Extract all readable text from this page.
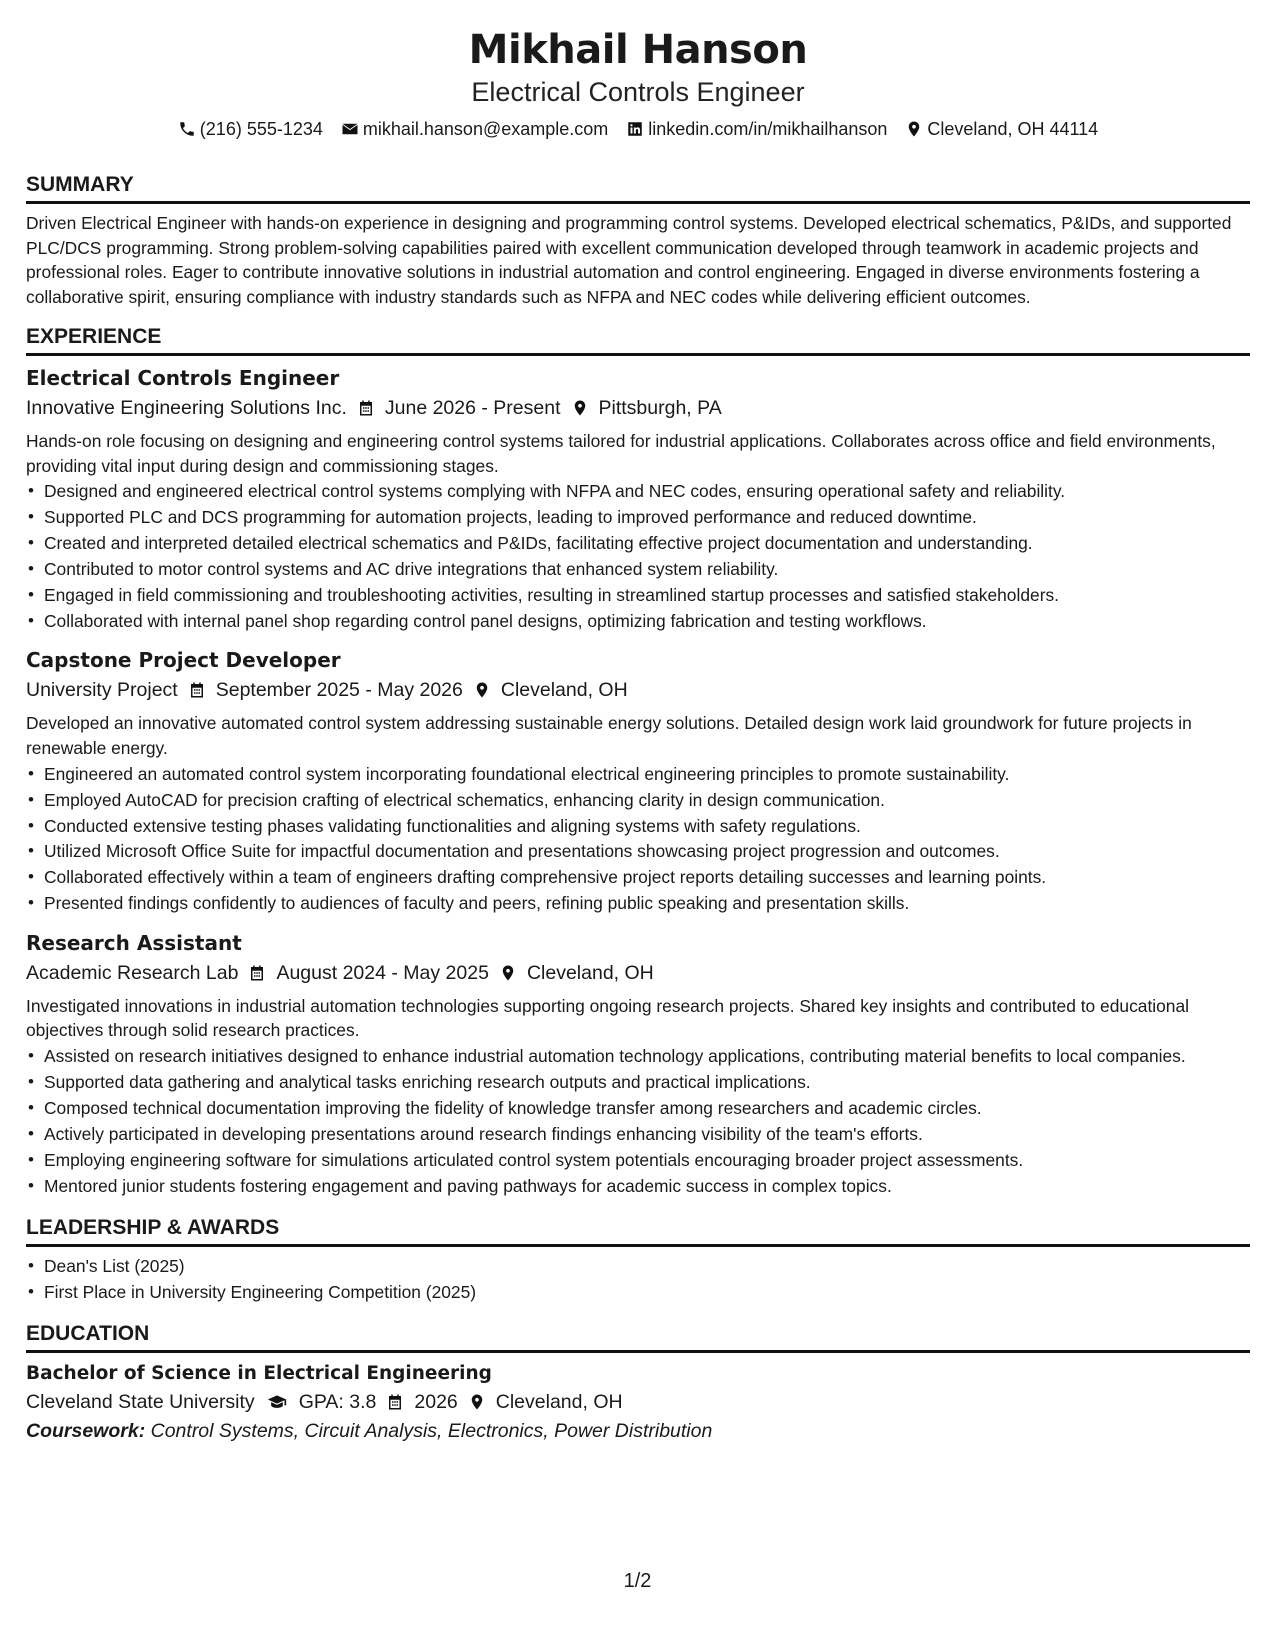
Mikhail Hanson
Electrical Controls Engineer
(216) 555-1234 mikhail.hanson@example.com linkedin.com/in/mikhailhanson Cleveland, OH 44114
SUMMARY
Driven Electrical Engineer with hands-on experience in designing and programming control systems. Developed electrical schematics, P&IDs, and supported PLC/DCS programming. Strong problem-solving capabilities paired with excellent communication developed through teamwork in academic projects and professional roles. Eager to contribute innovative solutions in industrial automation and control engineering. Engaged in diverse environments fostering a collaborative spirit, ensuring compliance with industry standards such as NFPA and NEC codes while delivering efficient outcomes.
EXPERIENCE
Electrical Controls Engineer
Innovative Engineering Solutions Inc. June 2026 - Present Pittsburgh, PA
Hands-on role focusing on designing and engineering control systems tailored for industrial applications. Collaborates across office and field environments, providing vital input during design and commissioning stages.
• Designed and engineered electrical control systems complying with NFPA and NEC codes, ensuring operational safety and reliability.
• Supported PLC and DCS programming for automation projects, leading to improved performance and reduced downtime.
• Created and interpreted detailed electrical schematics and P&IDs, facilitating effective project documentation and understanding.
• Contributed to motor control systems and AC drive integrations that enhanced system reliability.
• Engaged in field commissioning and troubleshooting activities, resulting in streamlined startup processes and satisfied stakeholders.
• Collaborated with internal panel shop regarding control panel designs, optimizing fabrication and testing workflows.
Capstone Project Developer
University Project September 2025 - May 2026 Cleveland, OH
Developed an innovative automated control system addressing sustainable energy solutions. Detailed design work laid groundwork for future projects in renewable energy.
• Engineered an automated control system incorporating foundational electrical engineering principles to promote sustainability.
• Employed AutoCAD for precision crafting of electrical schematics, enhancing clarity in design communication.
• Conducted extensive testing phases validating functionalities and aligning systems with safety regulations.
• Utilized Microsoft Office Suite for impactful documentation and presentations showcasing project progression and outcomes.
• Collaborated effectively within a team of engineers drafting comprehensive project reports detailing successes and learning points.
• Presented findings confidently to audiences of faculty and peers, refining public speaking and presentation skills.
Research Assistant
Academic Research Lab August 2024 - May 2025 Cleveland, OH
Investigated innovations in industrial automation technologies supporting ongoing research projects. Shared key insights and contributed to educational objectives through solid research practices.
• Assisted on research initiatives designed to enhance industrial automation technology applications, contributing material benefits to local companies.
• Supported data gathering and analytical tasks enriching research outputs and practical implications.
• Composed technical documentation improving the fidelity of knowledge transfer among researchers and academic circles.
• Actively participated in developing presentations around research findings enhancing visibility of the team's efforts.
• Employing engineering software for simulations articulated control system potentials encouraging broader project assessments.
• Mentored junior students fostering engagement and paving pathways for academic success in complex topics.
LEADERSHIP & AWARDS
• Dean's List (2025)
• First Place in University Engineering Competition (2025)
EDUCATION
Bachelor of Science in Electrical Engineering
Cleveland State University GPA: 3.8 2026 Cleveland, OH
Coursework: Control Systems, Circuit Analysis, Electronics, Power Distribution
1/2
